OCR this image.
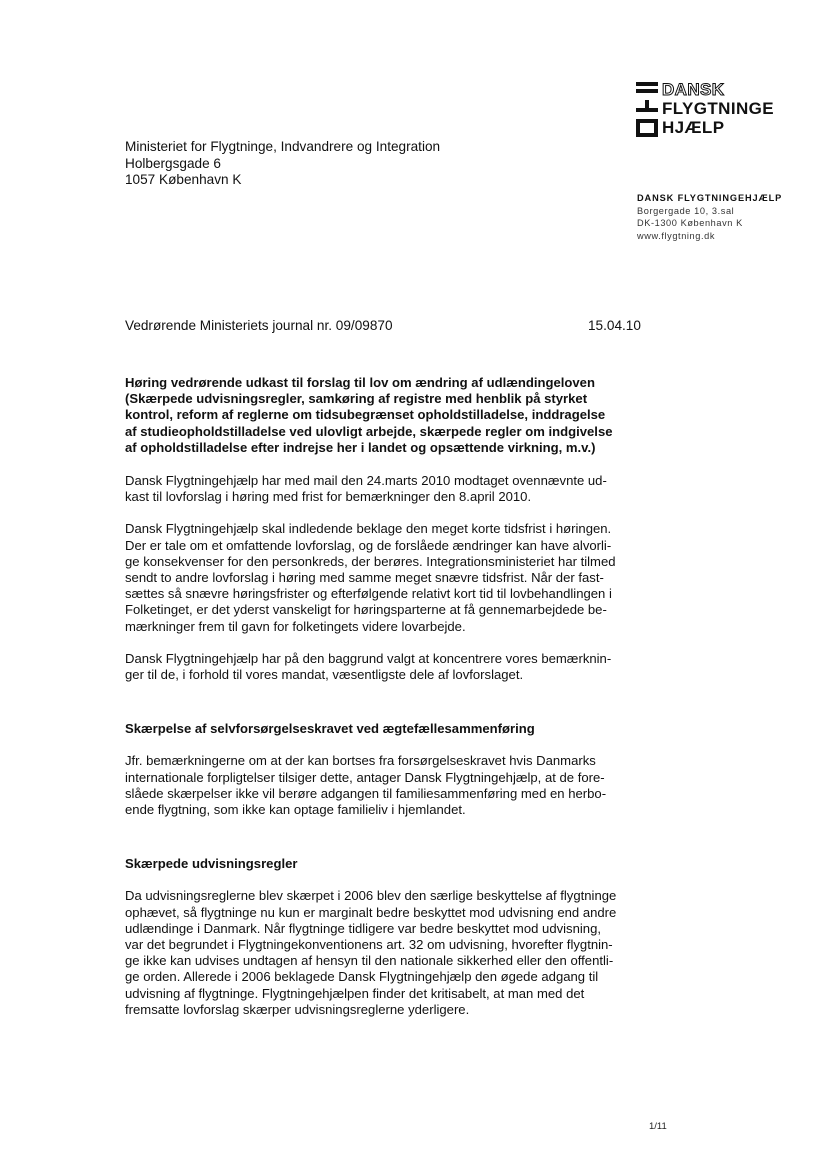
DANSK
FLYGTNINGE
HJÆLP
Ministeriet for Flygtninge, Indvandrere og Integration
Holbergsgade 6
1057 København K
DANSK FLYGTNINGEHJÆLP
Borgergade 10, 3.sal
DK-1300 København K
www.flygtning.dk
Vedrørende Ministeriets journal nr. 09/09870	15.04.10

Høring vedrørende udkast til forslag til lov om ændring af udlændingeloven
(Skærpede udvisningsregler, samkøring af registre med henblik på styrket
kontrol, reform af reglerne om tidsubegrænset opholdstilladelse, inddragelse
af studieopholdstilladelse ved ulovligt arbejde, skærpede regler om indgivelse
af opholdstilladelse efter indrejse her i landet og opsættende virkning, m.v.)

Dansk Flygtningehjælp har med mail den 24.marts 2010 modtaget ovennævnte ud-
kast til lovforslag i høring med frist for bemærkninger den 8.april 2010.

Dansk Flygtningehjælp skal indledende beklage den meget korte tidsfrist i høringen.
Der er tale om et omfattende lovforslag, og de forslåede ændringer kan have alvorli-
ge konsekvenser for den personkreds, der berøres. Integrationsministeriet har tilmed
sendt to andre lovforslag i høring med samme meget snævre tidsfrist. Når der fast-
sættes så snævre høringsfrister og efterfølgende relativt kort tid til lovbehandlingen i
Folketinget, er det yderst vanskeligt for høringsparterne at få gennemarbejdede be-
mærkninger frem til gavn for folketingets videre lovarbejde.

Dansk Flygtningehjælp har på den baggrund valgt at koncentrere vores bemærknin-
ger til de, i forhold til vores mandat, væsentligste dele af lovforslaget.

Skærpelse af selvforsørgelseskravet ved ægtefællesammenføring

Jfr. bemærkningerne om at der kan bortses fra forsørgelseskravet hvis Danmarks
internationale forpligtelser tilsiger dette, antager Dansk Flygtningehjælp, at de fore-
slåede skærpelser ikke vil berøre adgangen til familiesammenføring med en herbo-
ende flygtning, som ikke kan optage familieliv i hjemlandet.

Skærpede udvisningsregler

Da udvisningsreglerne blev skærpet i 2006 blev den særlige beskyttelse af flygtninge
ophævet, så flygtninge nu kun er marginalt bedre beskyttet mod udvisning end andre
udlændinge i Danmark. Når flygtninge tidligere var bedre beskyttet mod udvisning,
var det begrundet i Flygtningekonventionens art. 32 om udvisning, hvorefter flygtnin-
ge ikke kan udvises undtagen af hensyn til den nationale sikkerhed eller den offentli-
ge orden. Allerede i 2006 beklagede Dansk Flygtningehjælp den øgede adgang til
udvisning af flygtninge. Flygtningehjælpen finder det kritisabelt, at man med det
fremsatte lovforslag skærper udvisningsreglerne yderligere.

1/11
